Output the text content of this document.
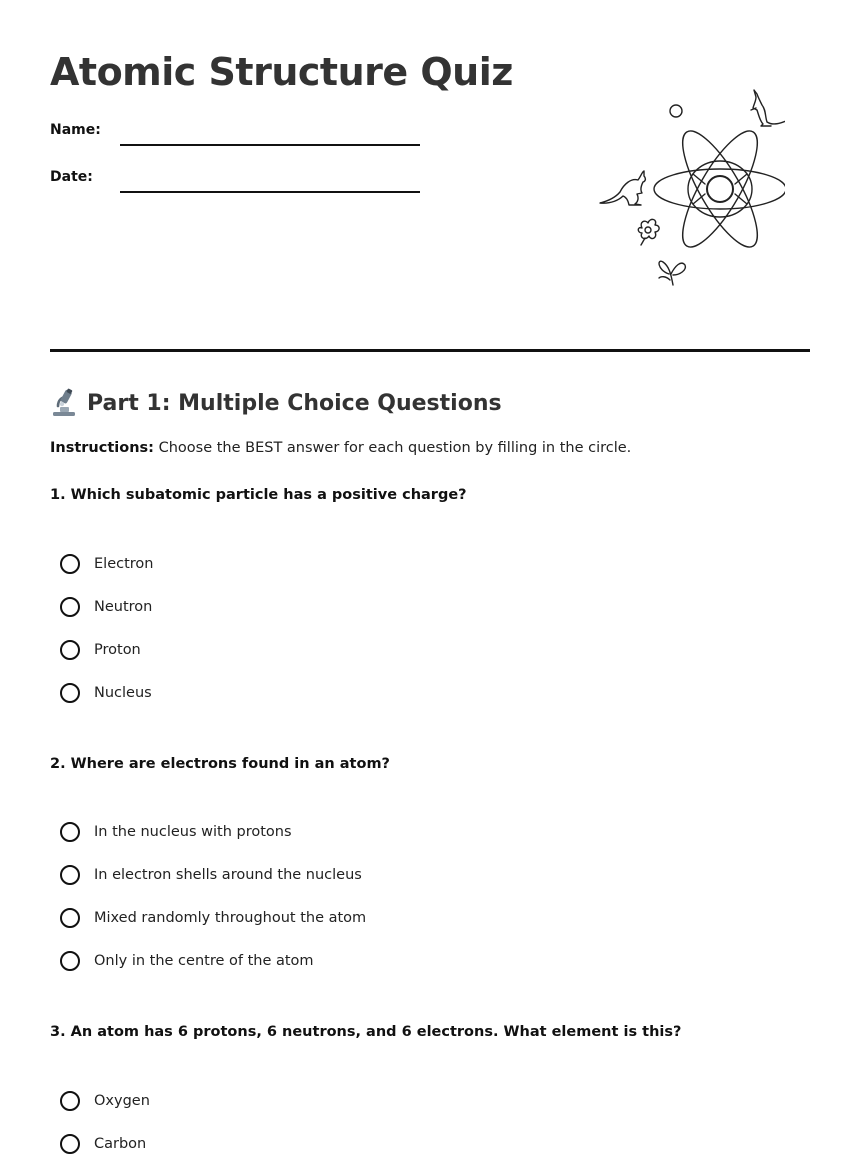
Atomic Structure Quiz
Name:
Date:
Part 1: Multiple Choice Questions
Instructions: Choose the BEST answer for each question by filling in the circle.
1. Which subatomic particle has a positive charge?
Electron
Neutron
Proton
Nucleus
2. Where are electrons found in an atom?
In the nucleus with protons
In electron shells around the nucleus
Mixed randomly throughout the atom
Only in the centre of the atom
3. An atom has 6 protons, 6 neutrons, and 6 electrons. What element is this?
Oxygen
Carbon
